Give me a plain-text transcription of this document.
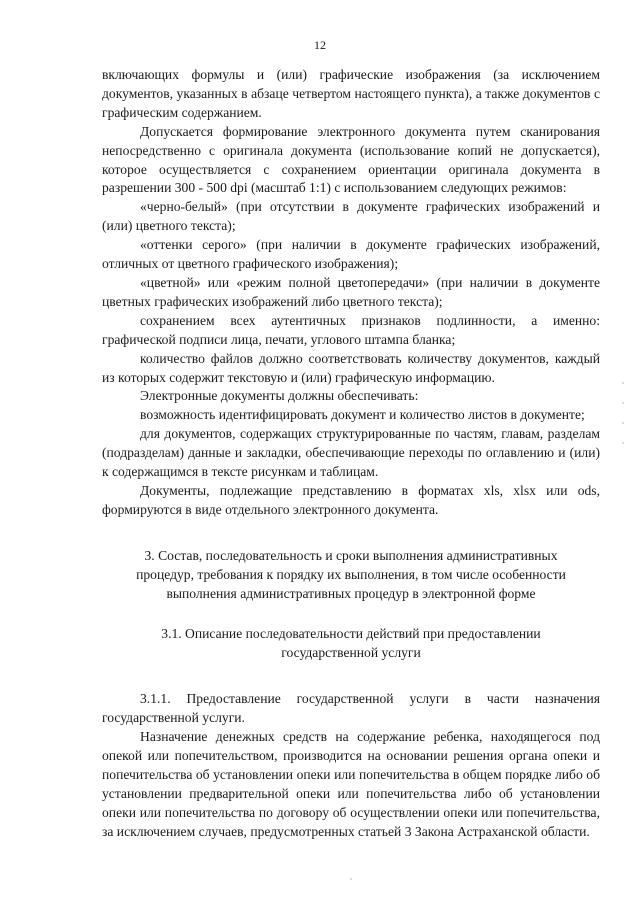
12

включающих формулы и (или) графические изображения (за исключением документов, указанных в абзаце четвертом настоящего пункта), а также документов с графическим содержанием.

Допускается формирование электронного документа путем сканирования непосредственно с оригинала документа (использование копий не допускается), которое осуществляется с сохранением ориентации оригинала документа в разрешении 300 - 500 dpi (масштаб 1:1) с использованием следующих режимов:

«черно-белый» (при отсутствии в документе графических изображений и (или) цветного текста);

«оттенки серого» (при наличии в документе графических изображений, отличных от цветного графического изображения);

«цветной» или «режим полной цветопередачи» (при наличии в документе цветных графических изображений либо цветного текста);

сохранением всех аутентичных признаков подлинности, а именно: графической подписи лица, печати, углового штампа бланка;

количество файлов должно соответствовать количеству документов, каждый из которых содержит текстовую и (или) графическую информацию.

Электронные документы должны обеспечивать:

возможность идентифицировать документ и количество листов в документе;

для документов, содержащих структурированные по частям, главам, разделам (подразделам) данные и закладки, обеспечивающие переходы по оглавлению и (или) к содержащимся в тексте рисункам и таблицам.

Документы, подлежащие представлению в форматах xls, xlsx или ods, формируются в виде отдельного электронного документа.

3. Состав, последовательность и сроки выполнения административных процедур, требования к порядку их выполнения, в том числе особенности выполнения административных процедур в электронной форме

3.1. Описание последовательности действий при предоставлении государственной услуги

3.1.1. Предоставление государственной услуги в части назначения государственной услуги.

Назначение денежных средств на содержание ребенка, находящегося под опекой или попечительством, производится на основании решения органа опеки и попечительства об установлении опеки или попечительства в общем порядке либо об установлении предварительной опеки или попечительства либо об установлении опеки или попечительства по договору об осуществлении опеки или попечительства, за исключением случаев, предусмотренных статьей 3 Закона Астраханской области.
